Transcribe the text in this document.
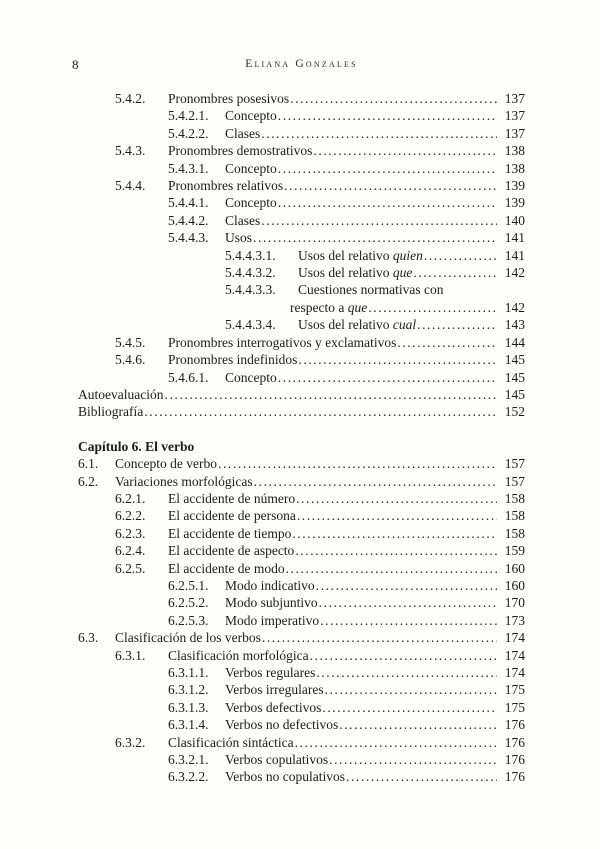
8	Eliana Gonzales
5.4.2.	Pronombres posesivos .....	137
5.4.2.1.	Concepto .....	137
5.4.2.2.	Clases .....	137
5.4.3.	Pronombres demostrativos .....	138
5.4.3.1.	Concepto .....	138
5.4.4.	Pronombres relativos .....	139
5.4.4.1.	Concepto .....	139
5.4.4.2.	Clases .....	140
5.4.4.3.	Usos .....	141
5.4.4.3.1.	Usos del relativo quien .....	141
5.4.4.3.2.	Usos del relativo que .....	142
5.4.4.3.3.	Cuestiones normativas con
respecto a que .....	142
5.4.4.3.4.	Usos del relativo cual .....	143
5.4.5.	Pronombres interrogativos y exclamativos .....	144
5.4.6.	Pronombres indefinidos .....	145
5.4.6.1.	Concepto .....	145
Autoevaluación .....	145
Bibliografía .....	152
Capítulo 6. El verbo
6.1.	Concepto de verbo .....	157
6.2.	Variaciones morfológicas .....	157
6.2.1.	El accidente de número .....	158
6.2.2.	El accidente de persona .....	158
6.2.3.	El accidente de tiempo .....	158
6.2.4.	El accidente de aspecto .....	159
6.2.5.	El accidente de modo .....	160
6.2.5.1.	Modo indicativo .....	160
6.2.5.2.	Modo subjuntivo .....	170
6.2.5.3.	Modo imperativo .....	173
6.3.	Clasificación de los verbos .....	174
6.3.1.	Clasificación morfológica .....	174
6.3.1.1.	Verbos regulares .....	174
6.3.1.2.	Verbos irregulares .....	175
6.3.1.3.	Verbos defectivos .....	175
6.3.1.4.	Verbos no defectivos .....	176
6.3.2.	Clasificación sintáctica .....	176
6.3.2.1.	Verbos copulativos .....	176
6.3.2.2.	Verbos no copulativos .....	176
